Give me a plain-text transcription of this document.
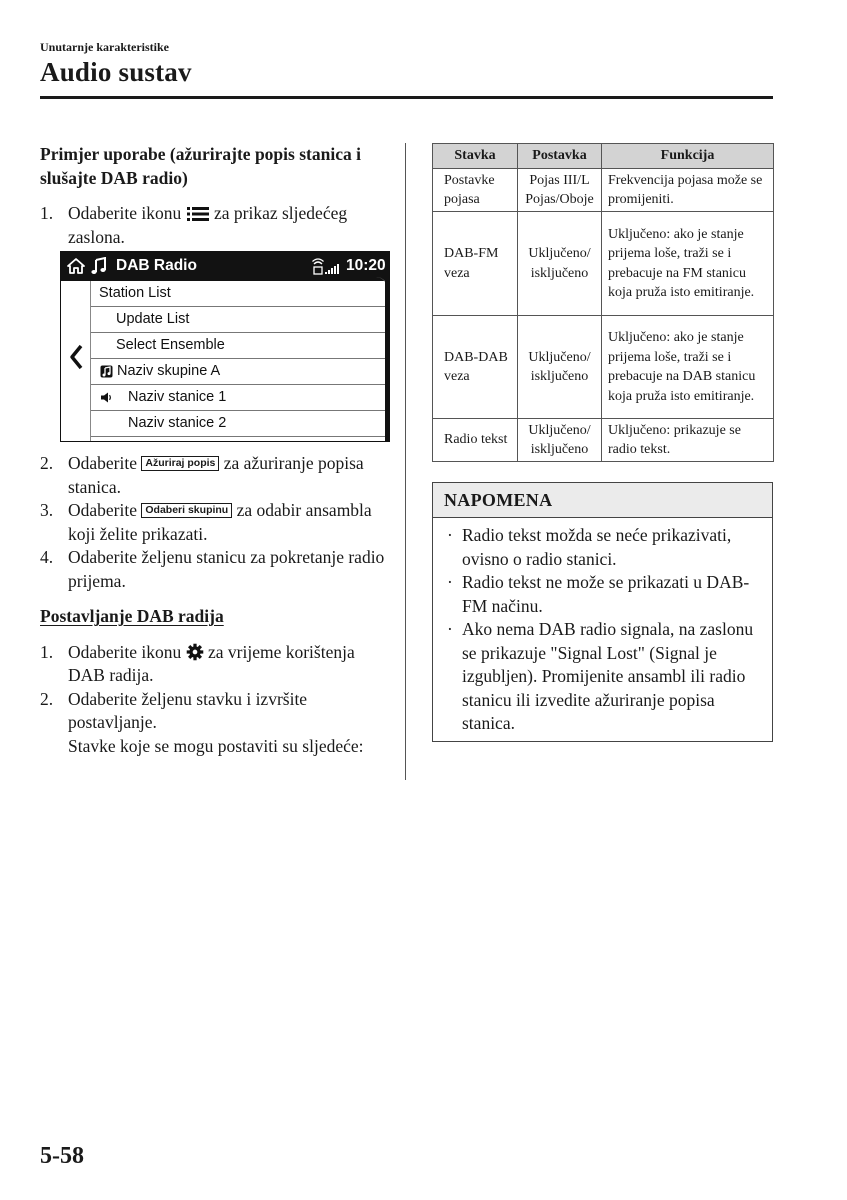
Unutarnje karakteristike
Audio sustav
Primjer uporabe (ažurirajte popis stanica i slušajte DAB radio)
1. Odaberite ikonu za prikaz sljedećeg zaslona.
2. Odaberite Ažuriraj popis za ažuriranje popisa stanica.
3. Odaberite Odaberi skupinu za odabir ansambla koji želite prikazati.
4. Odaberite željenu stanicu za pokretanje radio prijema.
Postavljanje DAB radija
1. Odaberite ikonu za vrijeme korištenja DAB radija.
2. Odaberite željenu stavku i izvršite postavljanje.
Stavke koje se mogu postaviti su sljedeće:
DAB Radio	10:20
Station List
Update List
Select Ensemble
Naziv skupine A
Naziv stanice 1
Naziv stanice 2
Stavka	Postavka	Funkcija
Postavke pojasa	Pojas III/L Pojas/Oboje	Frekvencija pojasa može se promijeniti.
DAB-FM veza	Uključeno/ isključeno	Uključeno: ako je stanje prijema loše, traži se i prebacuje na FM stanicu koja pruža isto emitiranje.
DAB-DAB veza	Uključeno/ isključeno	Uključeno: ako je stanje prijema loše, traži se i prebacuje na DAB stanicu koja pruža isto emitiranje.
Radio tekst	Uključeno/ isključeno	Uključeno: prikazuje se radio tekst.
NAPOMENA
· Radio tekst možda se neće prikazivati, ovisno o radio stanici.
· Radio tekst ne može se prikazati u DAB-FM načinu.
· Ako nema DAB radio signala, na zaslonu se prikazuje "Signal Lost" (Signal je izgubljen). Promijenite ansambl ili radio stanicu ili izvedite ažuriranje popisa stanica.
5-58
